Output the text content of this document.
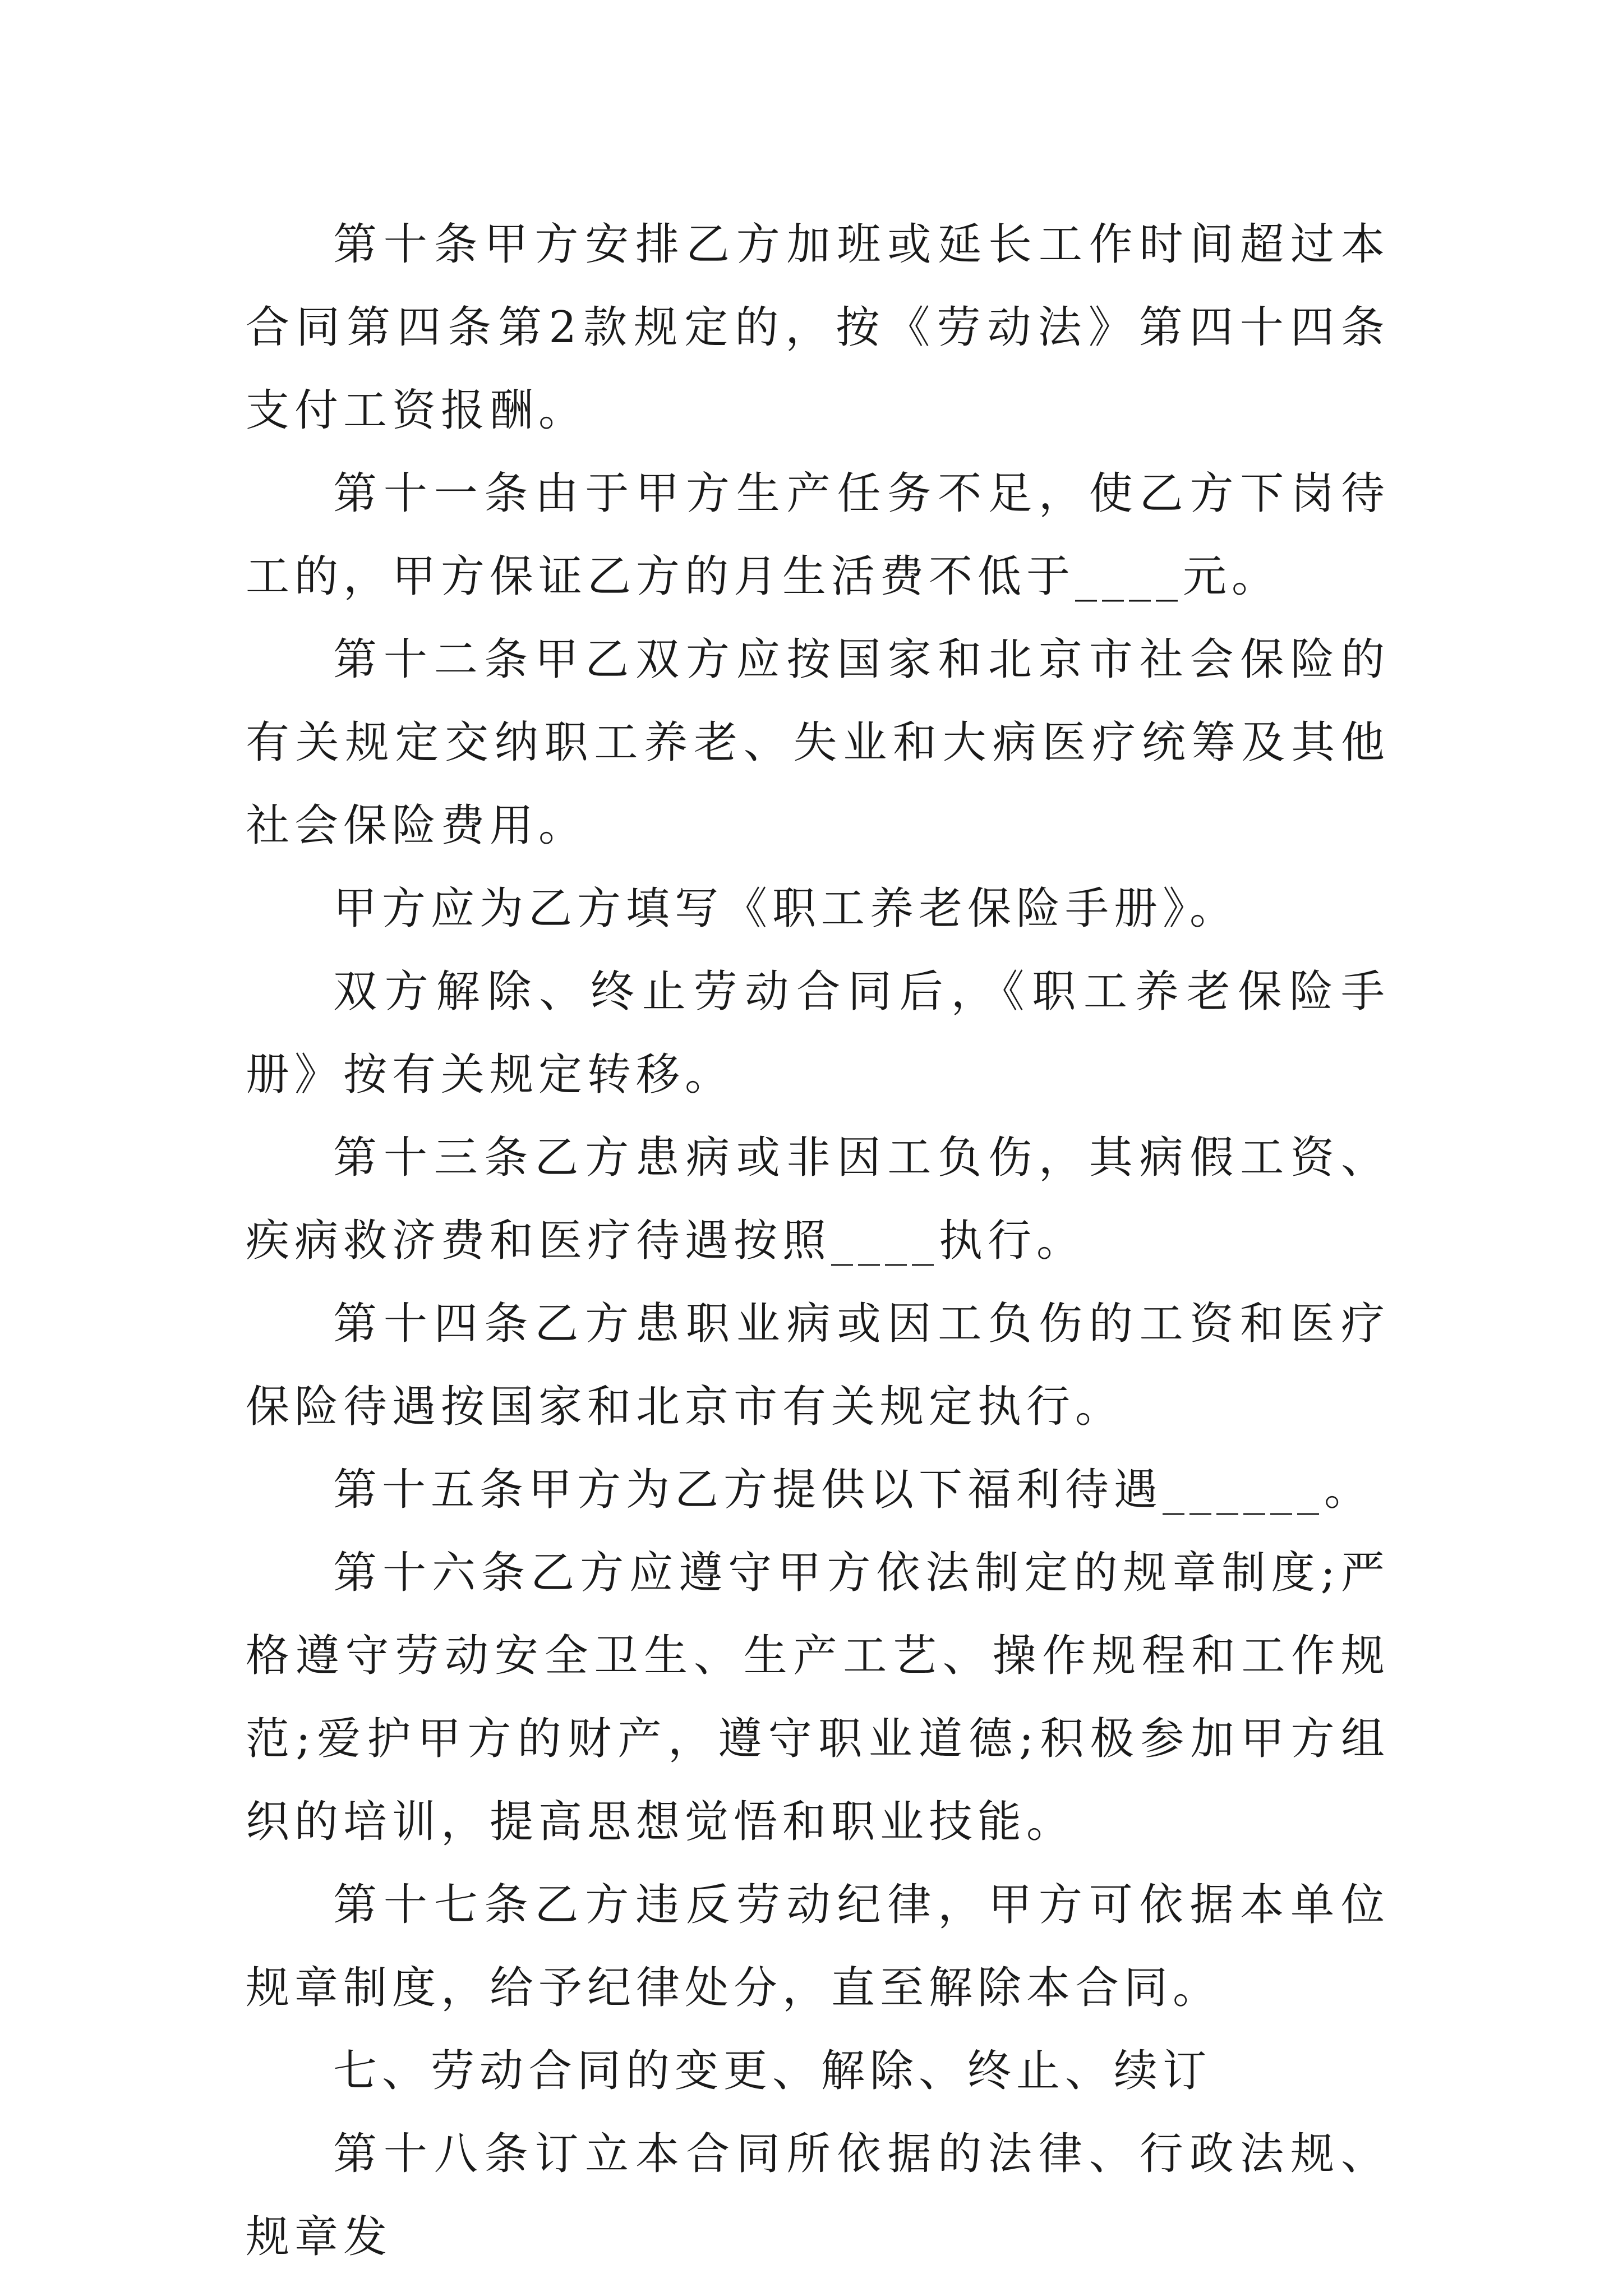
第十条甲方安排乙方加班或延长工作时间超过本合同第四条第2款规定的，按《劳动法》第四十四条支付工资报酬。

第十一条由于甲方生产任务不足，使乙方下岗待工的，甲方保证乙方的月生活费不低于____元。

第十二条甲乙双方应按国家和北京市社会保险的有关规定交纳职工养老、失业和大病医疗统筹及其他社会保险费用。

甲方应为乙方填写《职工养老保险手册》。

双方解除、终止劳动合同后，《职工养老保险手册》按有关规定转移。

第十三条乙方患病或非因工负伤，其病假工资、疾病救济费和医疗待遇按照____执行。

第十四条乙方患职业病或因工负伤的工资和医疗保险待遇按国家和北京市有关规定执行。

第十五条甲方为乙方提供以下福利待遇______。

第十六条乙方应遵守甲方依法制定的规章制度;严格遵守劳动安全卫生、生产工艺、操作规程和工作规范;爱护甲方的财产，遵守职业道德;积极参加甲方组织的培训，提高思想觉悟和职业技能。

第十七条乙方违反劳动纪律，甲方可依据本单位规章制度，给予纪律处分，直至解除本合同。

七、劳动合同的变更、解除、终止、续订

第十八条订立本合同所依据的法律、行政法规、规章发
